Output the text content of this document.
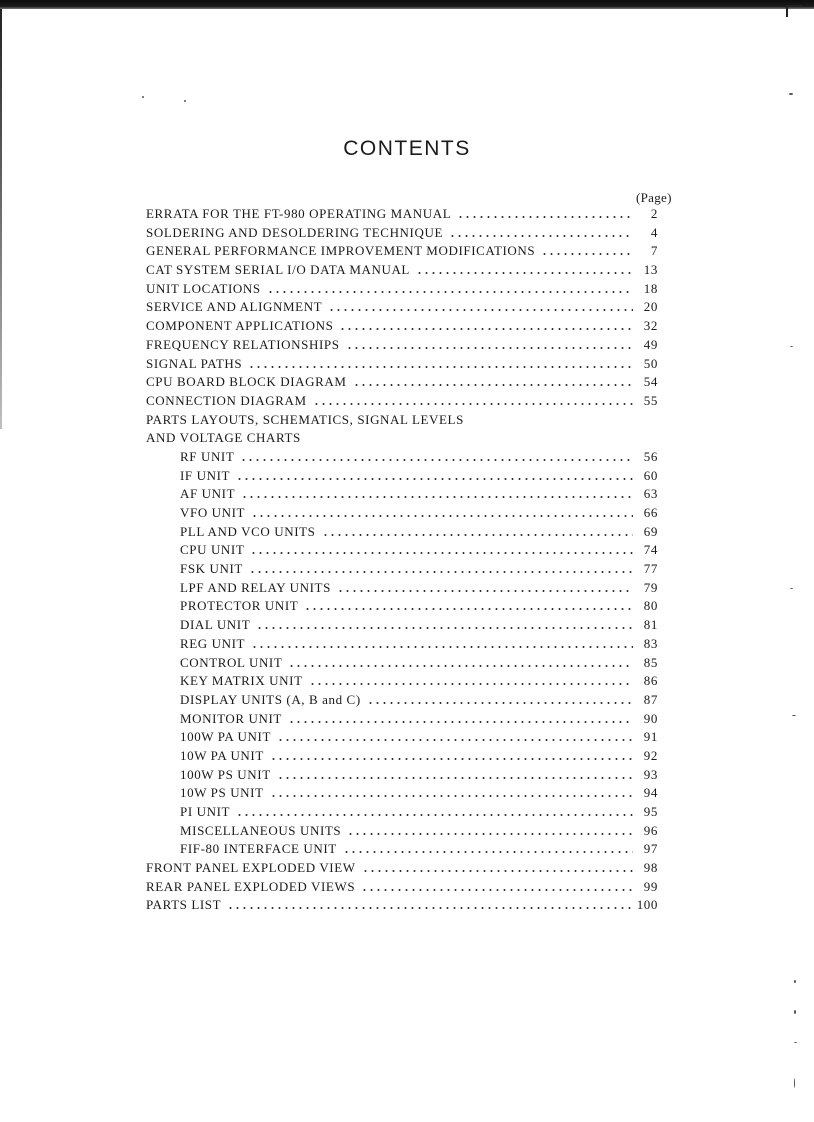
CONTENTS
(Page)
ERRATA FOR THE FT-980 OPERATING MANUAL	2
SOLDERING AND DESOLDERING TECHNIQUE	4
GENERAL PERFORMANCE IMPROVEMENT MODIFICATIONS	7
CAT SYSTEM SERIAL I/O DATA MANUAL	13
UNIT LOCATIONS	18
SERVICE AND ALIGNMENT	20
COMPONENT APPLICATIONS	32
FREQUENCY RELATIONSHIPS	49
SIGNAL PATHS	50
CPU BOARD BLOCK DIAGRAM	54
CONNECTION DIAGRAM	55
PARTS LAYOUTS, SCHEMATICS, SIGNAL LEVELS
AND VOLTAGE CHARTS
RF UNIT	56
IF UNIT	60
AF UNIT	63
VFO UNIT	66
PLL AND VCO UNITS	69
CPU UNIT	74
FSK UNIT	77
LPF AND RELAY UNITS	79
PROTECTOR UNIT	80
DIAL UNIT	81
REG UNIT	83
CONTROL UNIT	85
KEY MATRIX UNIT	86
DISPLAY UNITS (A, B and C)	87
MONITOR UNIT	90
100W PA UNIT	91
10W PA UNIT	92
100W PS UNIT	93
10W PS UNIT	94
PI UNIT	95
MISCELLANEOUS UNITS	96
FIF-80 INTERFACE UNIT	97
FRONT PANEL EXPLODED VIEW	98
REAR PANEL EXPLODED VIEWS	99
PARTS LIST	100
